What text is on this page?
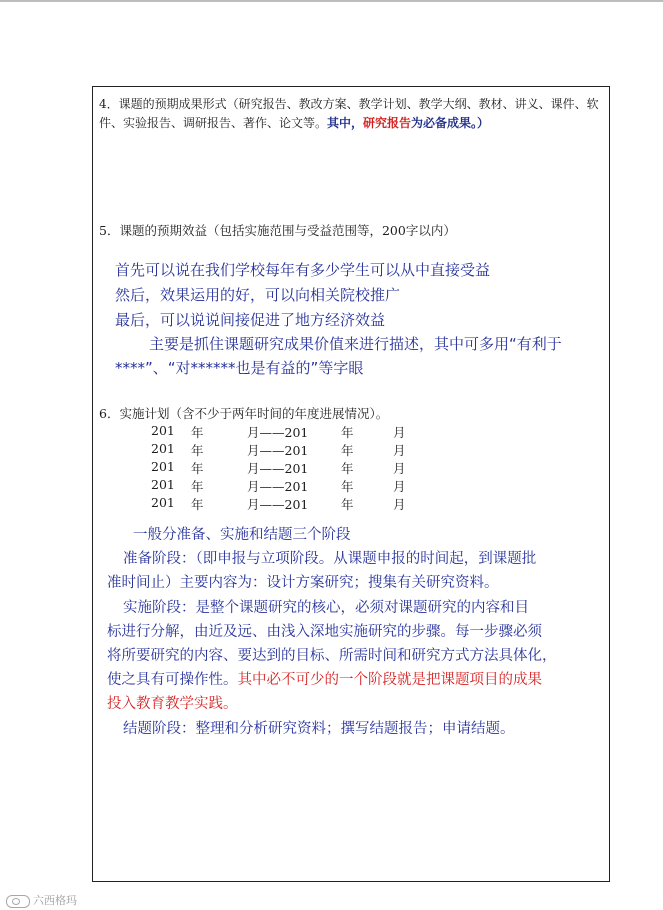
4．课题的预期成果形式（研究报告、教改方案、教学计划、教学大纲、教材、讲义、课件、软件、实验报告、调研报告、著作、论文等。其中，研究报告为必备成果。）
5．课题的预期效益（包括实施范围与受益范围等，200字以内）
首先可以说在我们学校每年有多少学生可以从中直接受益
然后，效果运用的好，可以向相关院校推广
最后，可以说说间接促进了地方经济效益
主要是抓住课题研究成果价值来进行描述，其中可多用“有利于
****”、“对******也是有益的”等字眼
6．实施计划（含不少于两年时间的年度进展情况）。
201 年	月——201	年	月
201 年	月——201	年	月
201 年	月——201	年	月
201 年	月——201	年	月
201 年	月——201	年	月
一般分准备、实施和结题三个阶段
准备阶段：（即申报与立项阶段。从课题申报的时间起，到课题批
准时间止）主要内容为：设计方案研究；搜集有关研究资料。
实施阶段：是整个课题研究的核心，必须对课题研究的内容和目
标进行分解，由近及远、由浅入深地实施研究的步骤。每一步骤必须
将所要研究的内容、要达到的目标、所需时间和研究方式方法具体化，
使之具有可操作性。其中必不可少的一个阶段就是把课题项目的成果
投入教育教学实践。
结题阶段：整理和分析研究资料；撰写结题报告；申请结题。
六西格玛
